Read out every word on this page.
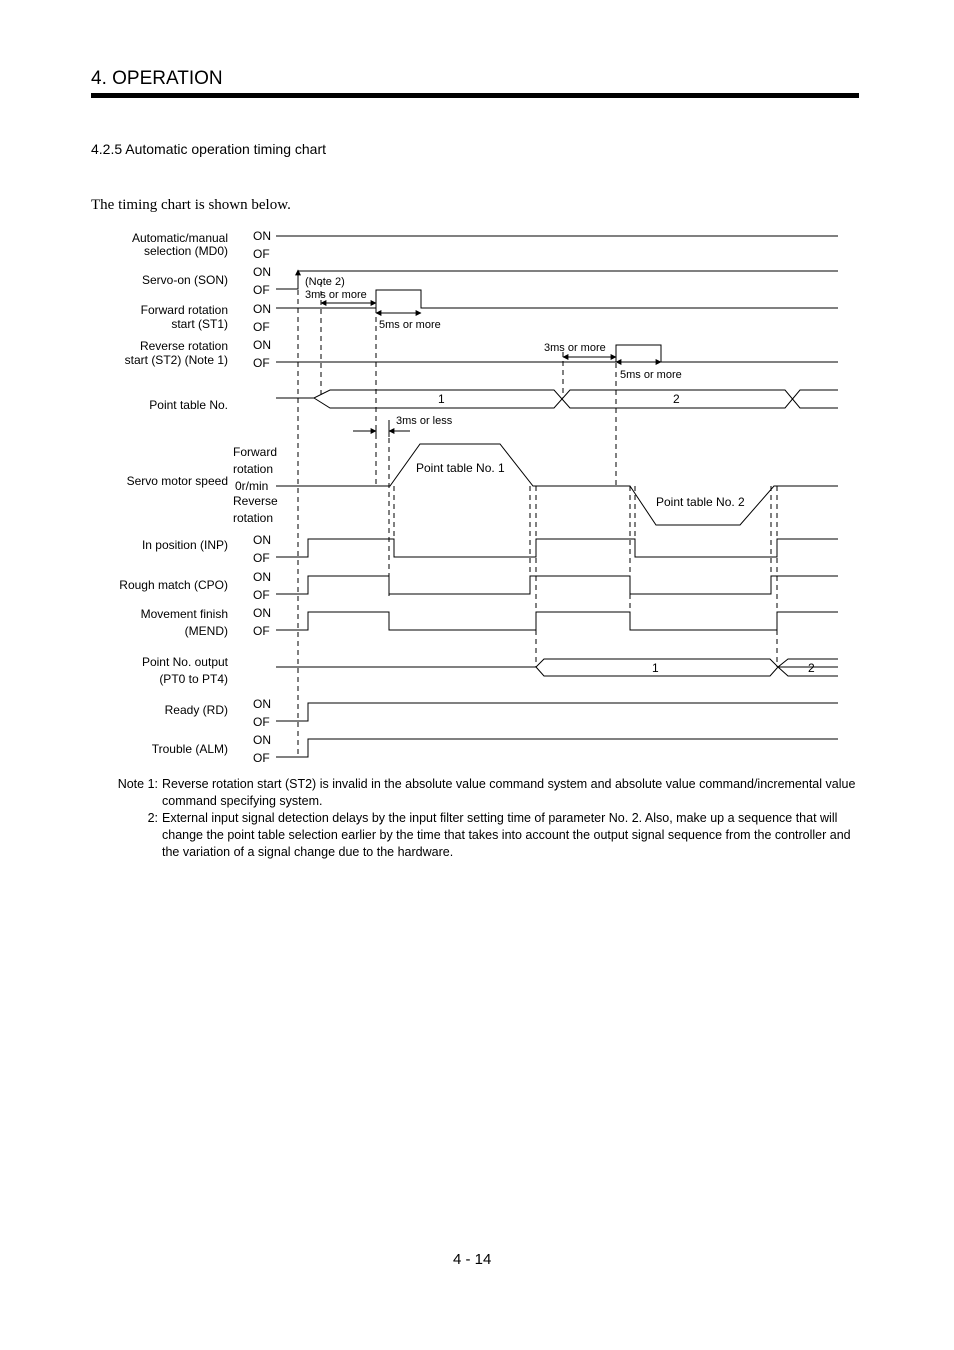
4. OPERATION
4.2.5 Automatic operation timing chart
The timing chart is shown below.
Automatic/manual
selection (MD0)
Servo-on (SON)
Forward rotation
start (ST1)
Reverse rotation
start (ST2) (Note 1)
Point table No.
Servo motor speed
In position (INP)
Rough match (CPO)
Movement finish
(MEND)
Point No. output
(PT0 to PT4)
Ready (RD)
Trouble (ALM)
ON
OF
ON
OF
ON
OF
ON
OF
ON
OF
ON
OF
ON
OF
ON
OF
ON
OF
Forward
rotation
0r/min
Reverse
rotation
(Note 2)
3ms or more
5ms or more
3ms or more
5ms or more
3ms or less
1	2
Point table No. 1
Point table No. 2
1	2
Note 1: Reverse rotation start (ST2) is invalid in the absolute value command system and absolute value command/incremental value command specifying system.
2: External input signal detection delays by the input filter setting time of parameter No. 2. Also, make up a sequence that will change the point table selection earlier by the time that takes into account the output signal sequence from the controller and the variation of a signal change due to the hardware.
4 - 14
